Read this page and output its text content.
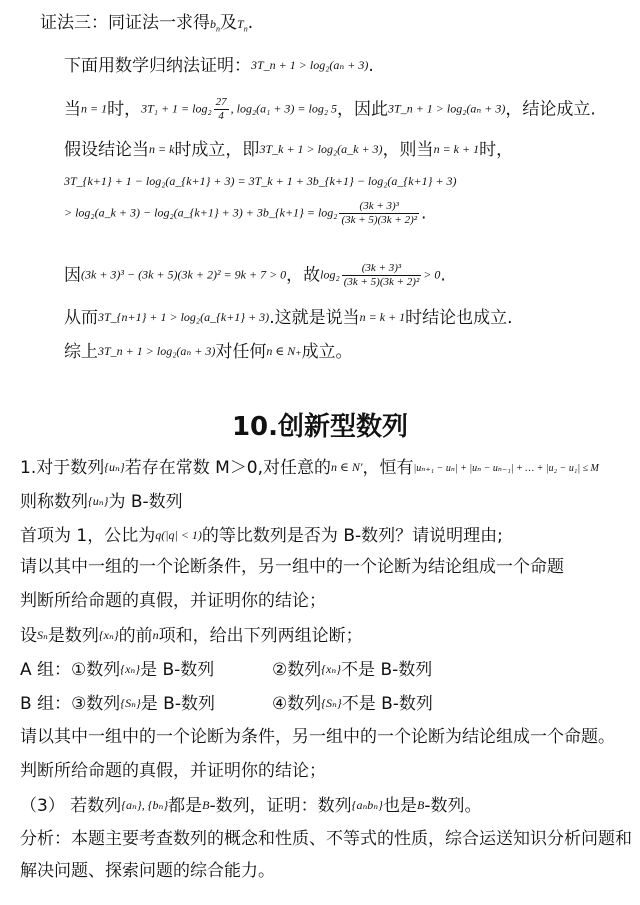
证法三：同证法一求得$b_n$及$T_n$.
下面用数学归纳法证明：3T_n + 1 > log₂(aₙ + 3).
当n = 1时，$3T_1 + 1 = \log_2 \frac{27}{4}$ , log₂(a₁ + 3) = log₂ 5，因此3T_n + 1 > log₂(aₙ + 3)，结论成立.
假设结论当n = k时成立，即3T_k + 1 > log₂(a_k + 3)，则当n = k + 1时，
3T_{k+1} + 1 − log₂(a_{k+1} + 3) = 3T_k + 1 + 3b_{k+1} − log₂(a_{k+1} + 3)
> log₂(a_k + 3) − log₂(a_{k+1} + 3) + 3b_{k+1} = $\log_2 \frac{\text{(3k + 3)³}}{\text{(3k + 5)(3k + 2)²}}$ .
因(3k + 3)³ − (3k + 5)(3k + 2)² = 9k + 7 > 0，故$\log_2 \frac{\text{(3k + 3)³}}{\text{(3k + 5)(3k + 2)²}} > 0$.
从而3T_{n+1} + 1 > log₂(a_{k+1} + 3).这就是说当n = k + 1时结论也成立.
综上3T_n + 1 > log₂(aₙ + 3)对任何n ∈ N₊成立。
10.创新型数列
1.对于数列{uₙ}若存在常数 M＞0,对任意的n ∈ N′，恒有|uₙ₊₁ − uₙ| + |uₙ − uₙ₋₁| + … + |u₂ − u₁| ≤ M
则称数列{uₙ}为 B-数列
首项为 1，公比为q(|q| < 1)的等比数列是否为 B-数列？请说明理由;
请以其中一组的一个论断条件，另一组中的一个论断为结论组成一个命题
判断所给命题的真假，并证明你的结论；
设Sₙ是数列{xₙ}的前n项和，给出下列两组论断；
A 组：①数列{xₙ}是 B-数列	②数列{xₙ}不是 B-数列
B 组：③数列{Sₙ}是 B-数列	④数列{Sₙ}不是 B-数列
请以其中一组中的一个论断为条件，另一组中的一个论断为结论组成一个命题。
判断所给命题的真假，并证明你的结论；
（3） 若数列{aₙ}, {bₙ}都是B-数列，证明：数列{aₙbₙ}也是B-数列。
分析：本题主要考查数列的概念和性质、不等式的性质，综合运送知识分析问题和
解决问题、探索问题的综合能力。
